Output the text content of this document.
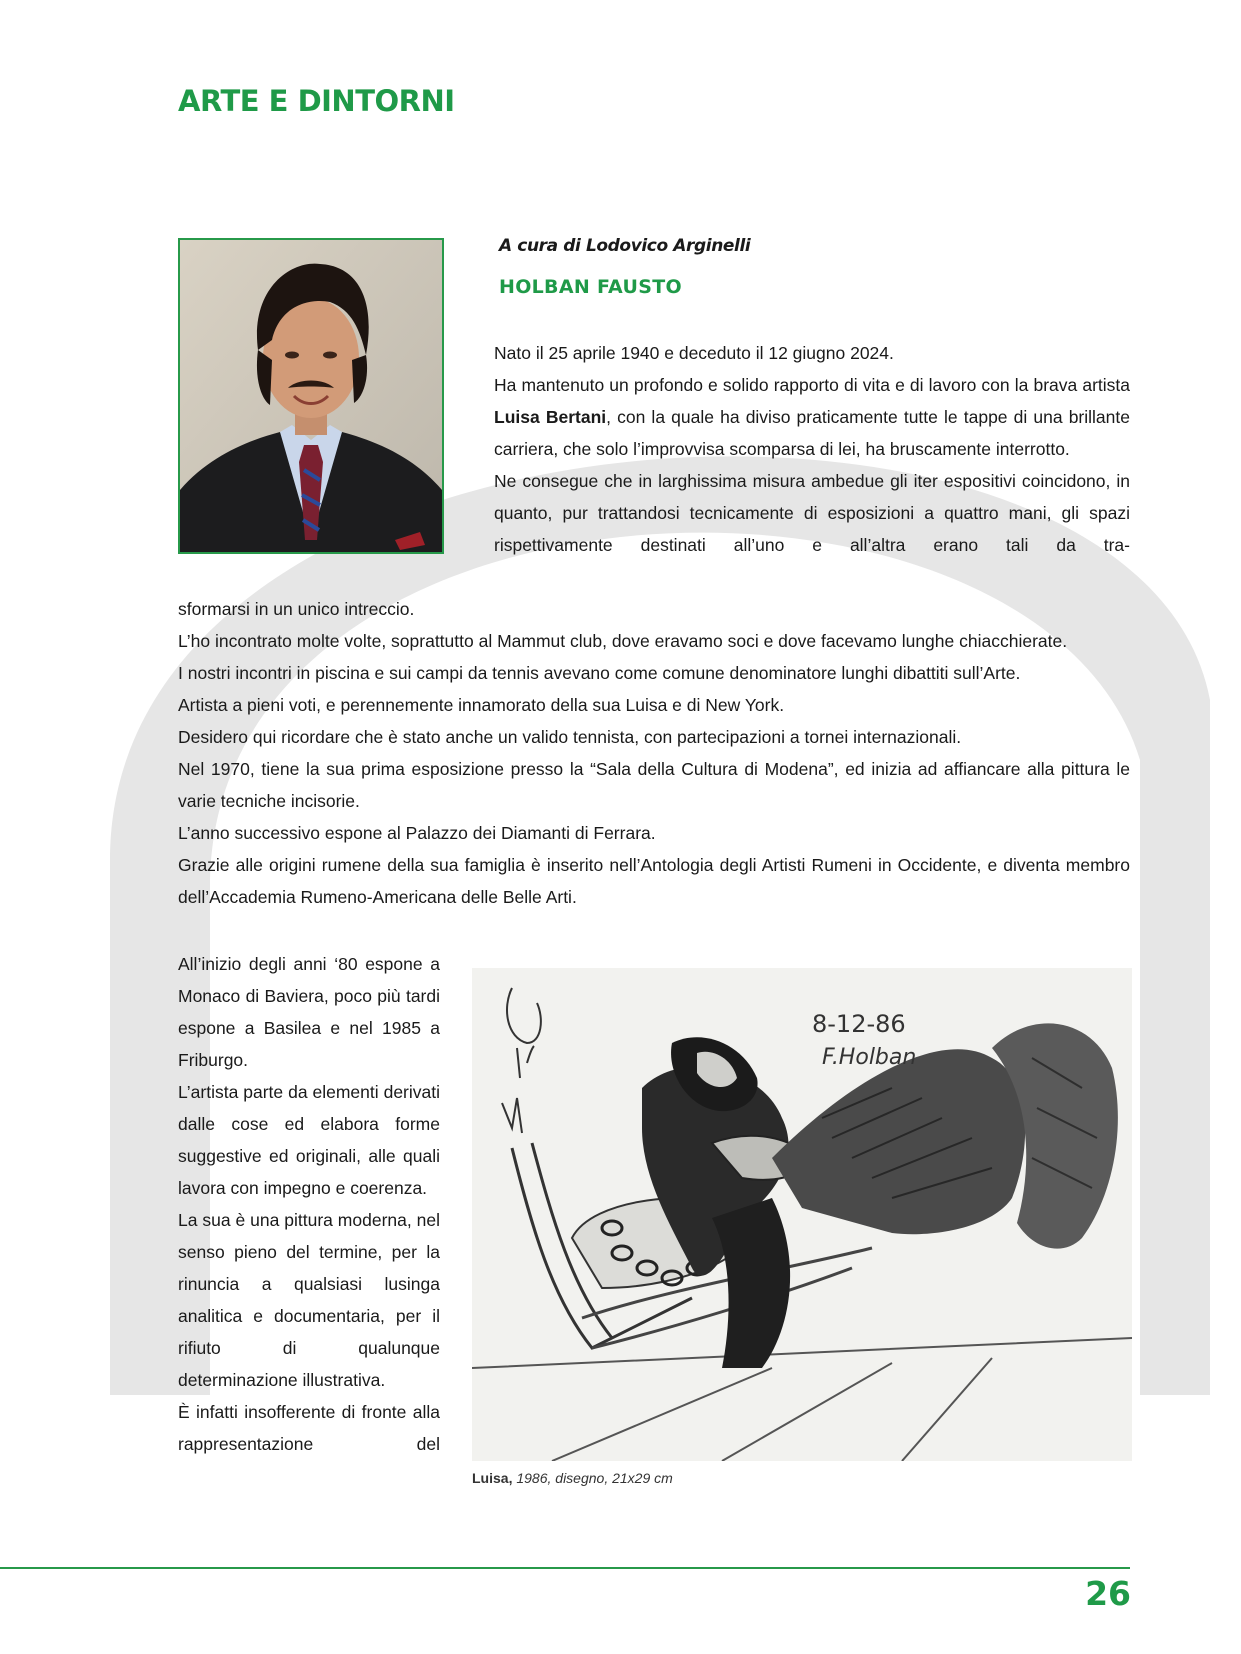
ARTE E DINTORNI
A cura di Lodovico Arginelli
HOLBAN FAUSTO

Nato il 25 aprile 1940 e deceduto il 12 giugno 2024.

Ha mantenuto un profondo e solido rapporto di vita e di lavoro con la brava artista Luisa Bertani, con la quale ha diviso praticamente tutte le tappe di una brillante carriera, che solo l’improvvisa scomparsa di lei, ha bruscamente interrotto.

Ne consegue che in larghissima misura ambedue gli iter espositivi coincidono, in quanto, pur trattandosi tecnicamente di esposizioni a quattro mani, gli spazi rispettivamente destinati all’uno e all’altra erano tali da tra-

sformarsi in un unico intreccio.

L’ho incontrato molte volte, soprattutto al Mammut club, dove eravamo soci e dove facevamo lunghe chiacchierate.

I nostri incontri in piscina e sui campi da tennis avevano come comune denominatore lunghi dibattiti sull’Arte.

Artista a pieni voti, e perennemente innamorato della sua Luisa e di New York.

Desidero qui ricordare che è stato anche un valido tennista, con partecipazioni a tornei internazionali.

Nel 1970, tiene la sua prima esposizione presso la “Sala della Cultura di Modena”, ed inizia ad affiancare alla pittura le varie tecniche incisorie.

L’anno successivo espone al Palazzo dei Diamanti di Ferrara.

Grazie alle origini rumene della sua famiglia è inserito nell’Antologia degli Artisti Rumeni in Occidente, e diventa membro dell’Accademia Rumeno-Americana delle Belle Arti.

All’inizio degli anni ‘80 espone a Monaco di Baviera, poco più tardi espone a Basilea e nel 1985 a Friburgo.

L’artista parte da elementi derivati dalle cose ed elabora forme suggestive ed originali, alle quali lavora con impegno e coerenza.

La sua è una pittura moderna, nel senso pieno del termine, per la rinuncia a qualsiasi lusinga analitica e documentaria, per il rifiuto di qualunque determinazione illustrativa.

È infatti insofferente di fronte alla rappresentazione del

8-12-86
F.Holban
Luisa, 1986, disegno, 21x29 cm
26
